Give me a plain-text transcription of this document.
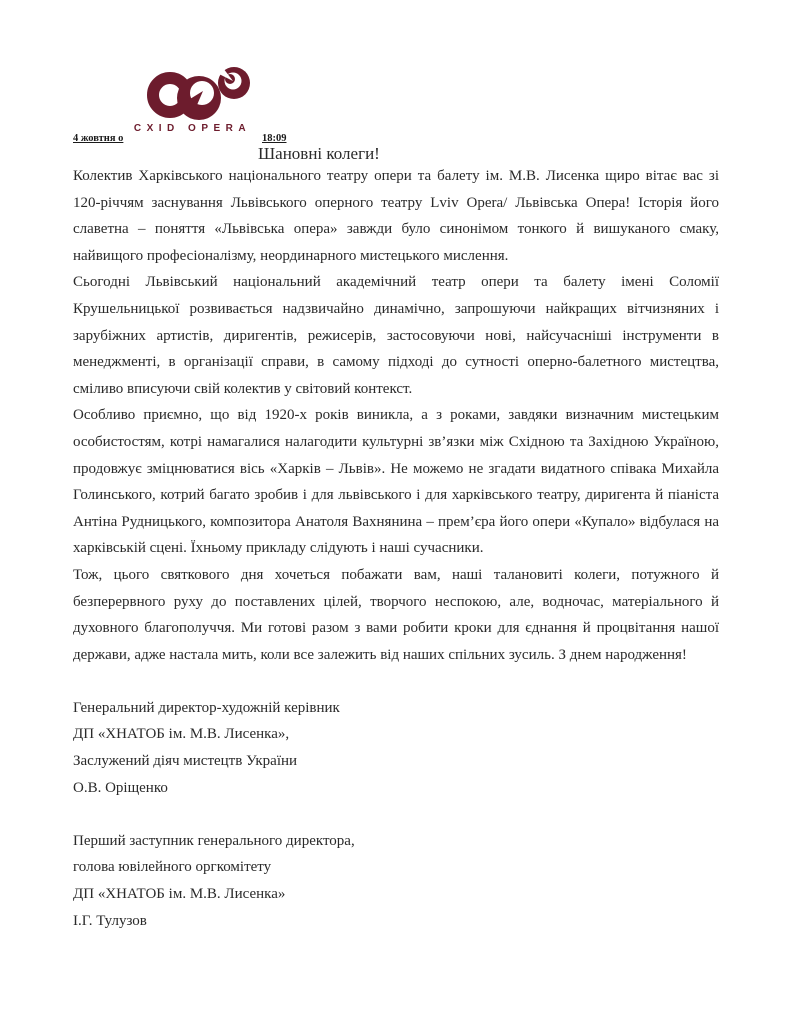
CXID OPERA
4 жовтня о	18:09
Шановні колеги!

Колектив Харківського національного театру опери та балету ім. М.В. Лисенка щиро вітає вас зі 120-річчям заснування Львівського оперного театру Lviv Opera/ Львівська Опера! Історія його славетна – поняття «Львівська опера» завжди було синонімом тонкого й вишуканого смаку, найвищого професіоналізму, неординарного мистецького мислення.

Сьогодні Львівський національний академічний театр опери та балету імені Соломії Крушельницької розвивається надзвичайно динамічно, запрошуючи найкращих вітчизняних і зарубіжних артистів, диригентів, режисерів, застосовуючи нові, найсучасніші інструменти в менеджменті, в організації справи, в самому підході до сутності оперно-балетного мистецтва, сміливо вписуючи свій колектив у світовий контекст.

Особливо приємно, що від 1920-х років виникла, а з роками, завдяки визначним мистецьким особистостям, котрі намагалися налагодити культурні зв’язки між Східною та Західною Україною, продовжує зміцнюватися вісь «Харків – Львів». Не можемо не згадати видатного співака Михайла Голинського, котрий багато зробив і для львівського і для харківського театру, диригента й піаніста Антіна Рудницького, композитора Анатоля Вахнянина – прем’єра його опери «Купало» відбулася на харківській сцені. Їхньому прикладу слідують і наші сучасники.

Тож, цього святкового дня хочеться побажати вам, наші талановиті колеги, потужного й безперервного руху до поставлених цілей, творчого неспокою, але, водночас, матеріального й духовного благополуччя. Ми готові разом з вами робити кроки для єднання й процвітання нашої держави, адже настала мить, коли все залежить від наших спільних зусиль. З днем народження!

Генеральний директор-художній керівник
ДП «ХНАТОБ ім. М.В. Лисенка»,
Заслужений діяч мистецтв України
О.В. Оріщенко
Перший заступник генерального директора,
голова ювілейного оргкомітету
ДП «ХНАТОБ ім. М.В. Лисенка»
І.Г. Тулузов
